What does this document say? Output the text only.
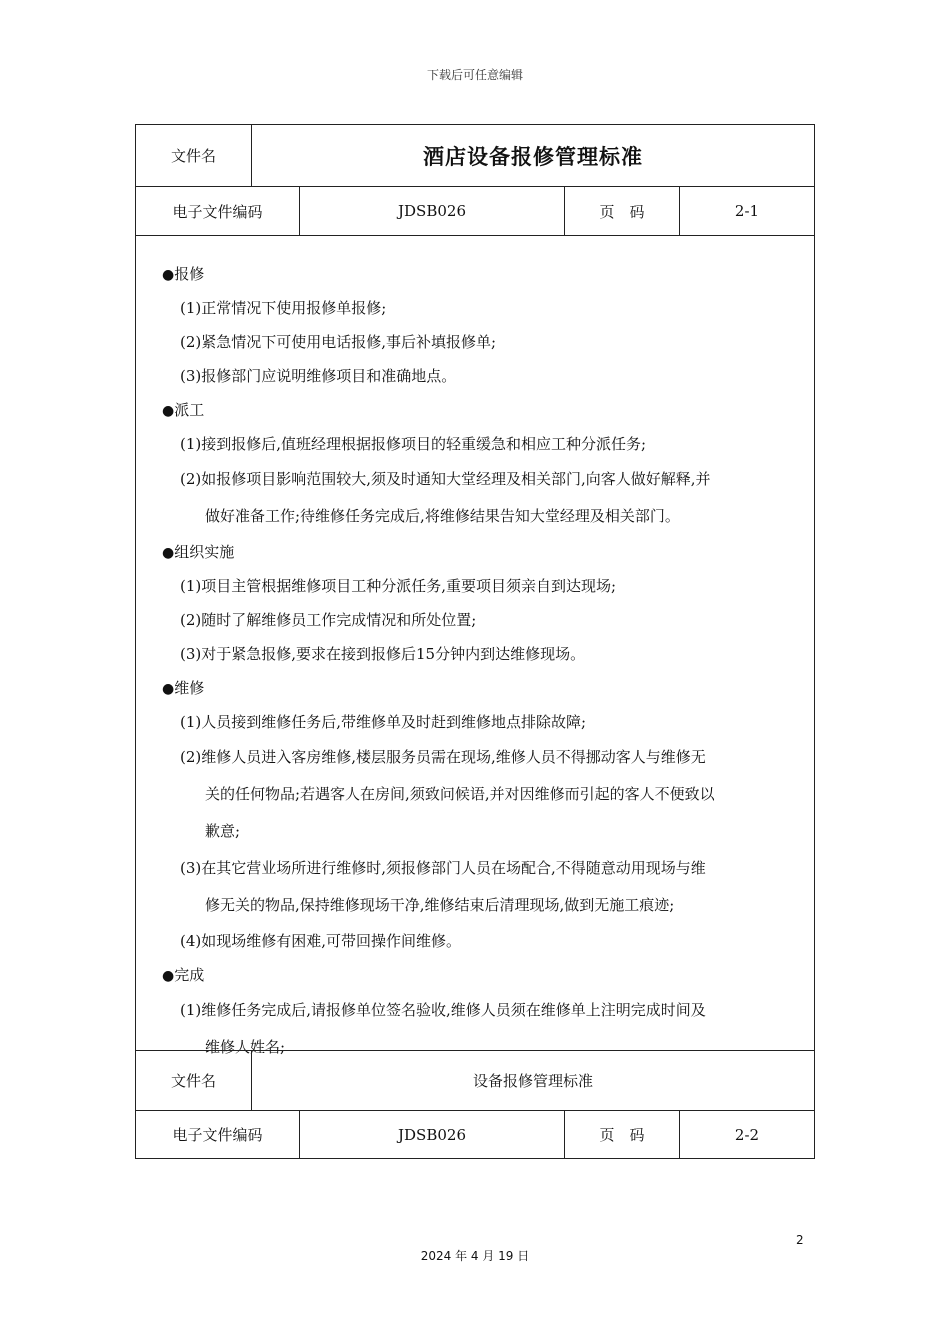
下载后可任意编辑
文件名	酒店设备报修管理标准
电子文件编码	JDSB026	页　码	2-1
●报修
(1)正常情况下使用报修单报修;
(2)紧急情况下可使用电话报修,事后补填报修单;
(3)报修部门应说明维修项目和准确地点。
●派工
(1)接到报修后,值班经理根据报修项目的轻重缓急和相应工种分派任务;
(2)如报修项目影响范围较大,须及时通知大堂经理及相关部门,向客人做好解释,并
做好准备工作;待维修任务完成后,将维修结果告知大堂经理及相关部门。
●组织实施
(1)项目主管根据维修项目工种分派任务,重要项目须亲自到达现场;
(2)随时了解维修员工作完成情况和所处位置;
(3)对于紧急报修,要求在接到报修后15分钟内到达维修现场。
●维修
(1)人员接到维修任务后,带维修单及时赶到维修地点排除故障;
(2)维修人员进入客房维修,楼层服务员需在现场,维修人员不得挪动客人与维修无
关的任何物品;若遇客人在房间,须致问候语,并对因维修而引起的客人不便致以
歉意;
(3)在其它营业场所进行维修时,须报修部门人员在场配合,不得随意动用现场与维
修无关的物品,保持维修现场干净,维修结束后清理现场,做到无施工痕迹;
(4)如现场维修有困难,可带回操作间维修。
●完成
(1)维修任务完成后,请报修单位签名验收,维修人员须在维修单上注明完成时间及
维修人姓名;
文件名	设备报修管理标准
电子文件编码	JDSB026	页　码	2-2
2
2024 年 4 月 19 日
